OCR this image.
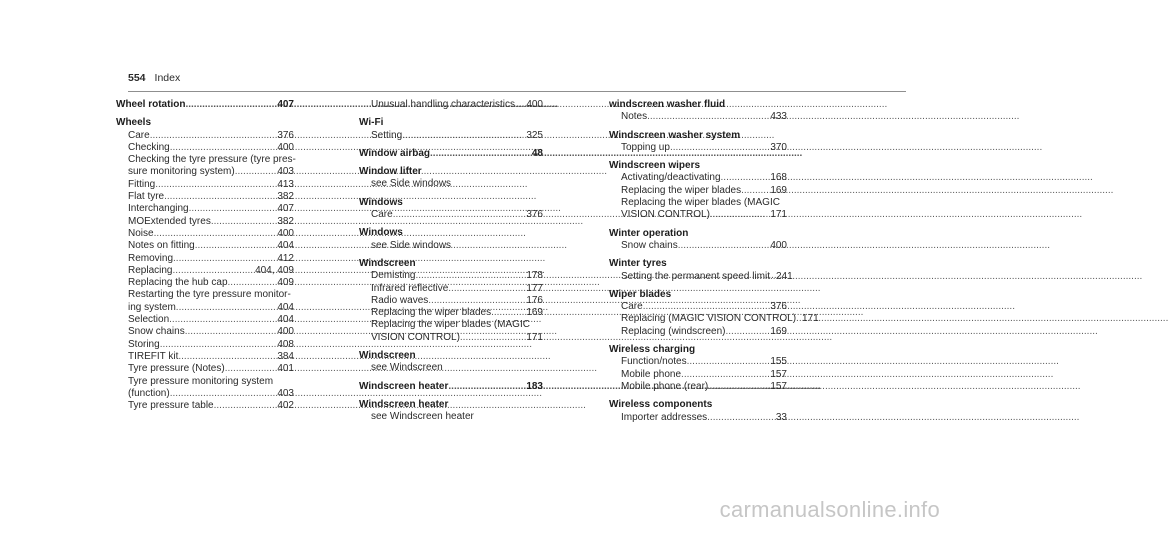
554 Index
Wheel rotation .....	407
Wheels
Care .....	376
Checking .....	400
Checking the tyre pressure (tyre pres-
sure monitoring system) .....	403
Fitting .....	413
Flat tyre .....	382
Interchanging .....	407
MOExtended tyres .....	382
Noise .....	400
Notes on fitting .....	404
Removing .....	412
Replacing .....	404, 409
Replacing the hub cap .....	409
Restarting the tyre pressure monitor-
ing system .....	404
Selection .....	404
Snow chains .....	400
Storing .....	408
TIREFIT kit .....	384
Tyre pressure (Notes) .....	401
Tyre pressure monitoring system
(function) .....	403
Tyre pressure table .....	402
Unusual handling characteristics ..... 400
Wi-Fi
Setting .....	325
Window airbag .....	48
Window lifter
see Side windows
Windows
Care .....	376
Windows
see Side windows
Windscreen
Demisting .....	178
Infrared reflective .....	177
Radio waves .....	176
Replacing the wiper blades .....	169
Replacing the wiper blades (MAGIC
VISION CONTROL) .....	171
Windscreen
see Windscreen
Windscreen heater .....	183
Windscreen heater
see Windscreen heater
windscreen washer fluid
Notes .....	433
Windscreen washer system
Topping up .....	370
Windscreen wipers
Activating/deactivating .....	168
Replacing the wiper blades .....	169
Replacing the wiper blades (MAGIC
VISION CONTROL) .....	171
Winter operation
Snow chains .....	400
Winter tyres
Setting the permanent speed limit ..... 241
Wiper blades
Care .....	376
Replacing (MAGIC VISION CONTROL) ..... 171
Replacing (windscreen) .....	169
Wireless charging
Function/notes .....	155
Mobile phone .....	157
Mobile phone (rear) .....	157
Wireless components
Importer addresses .....	33
carmanualsonline.info
